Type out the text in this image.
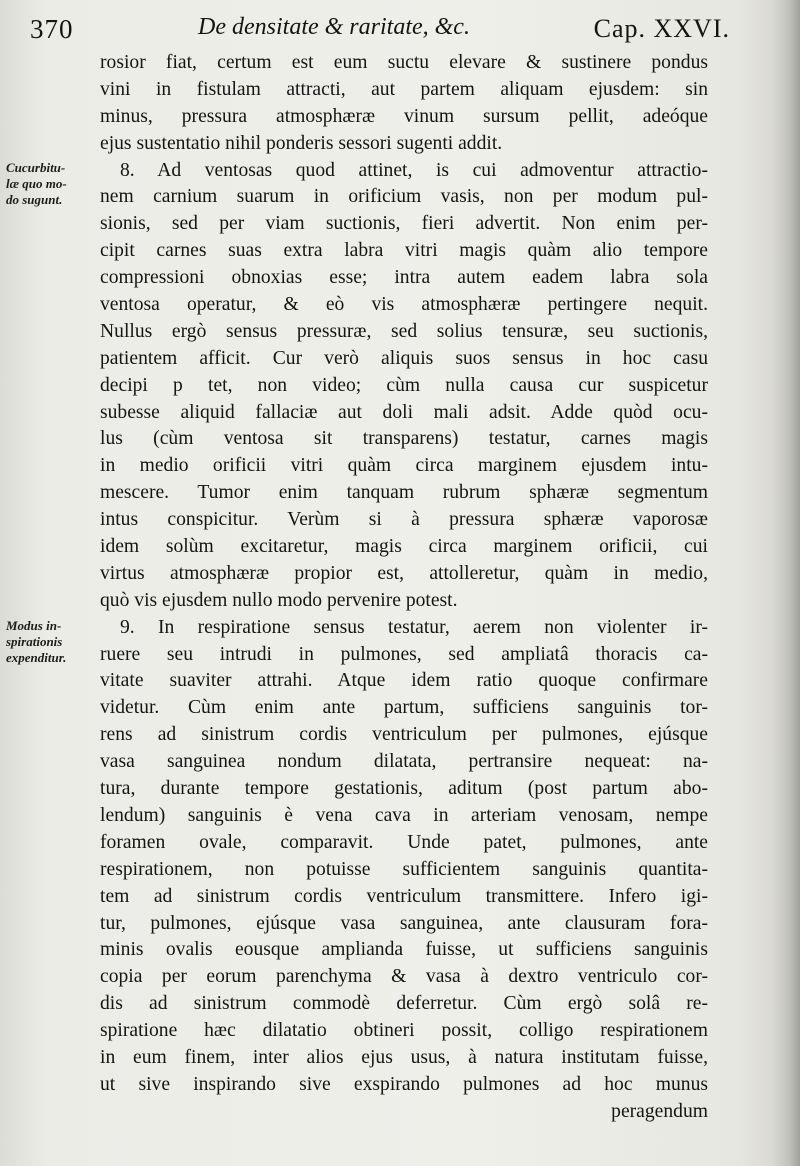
370	De densitate & raritate, &c.	Cap. XXVI.
Cucurbitu-
læ quo mo-
do sugunt.
Modus in-
spirationis
expenditur.
rosior fiat, certum est eum suctu elevare & sustinere pondus
vini in fistulam attracti, aut partem aliquam ejusdem: sin
minus, pressura atmosphæræ vinum sursum pellit, adeóque
ejus sustentatio nihil ponderis sessori sugenti addit.
8. Ad ventosas quod attinet, is cui admoventur attractio-
nem carnium suarum in orificium vasis, non per modum pul-
sionis, sed per viam suctionis, fieri advertit. Non enim per-
cipit carnes suas extra labra vitri magis quàm alio tempore
compressioni obnoxias esse; intra autem eadem labra sola
ventosa operatur, & eò vis atmosphæræ pertingere nequit.
Nullus ergò sensus pressuræ, sed solius tensuræ, seu suctionis,
patientem afficit. Cur verò aliquis suos sensus in hoc casu
decipi p tet, non video; cùm nulla causa cur suspicetur
subesse aliquid fallaciæ aut doli mali adsit. Adde quòd ocu-
lus (cùm ventosa sit transparens) testatur, carnes magis
in medio orificii vitri quàm circa marginem ejusdem intu-
mescere. Tumor enim tanquam rubrum sphæræ segmentum
intus conspicitur. Verùm si à pressura sphæræ vaporosæ
idem solùm excitaretur, magis circa marginem orificii, cui
virtus atmosphæræ propior est, attolleretur, quàm in medio,
quò vis ejusdem nullo modo pervenire potest.
9. In respiratione sensus testatur, aerem non violenter ir-
ruere seu intrudi in pulmones, sed ampliatâ thoracis ca-
vitate suaviter attrahi. Atque idem ratio quoque confirmare
videtur. Cùm enim ante partum, sufficiens sanguinis tor-
rens ad sinistrum cordis ventriculum per pulmones, ejúsque
vasa sanguinea nondum dilatata, pertransire nequeat: na-
tura, durante tempore gestationis, aditum (post partum abo-
lendum) sanguinis è vena cava in arteriam venosam, nempe
foramen ovale, comparavit. Unde patet, pulmones, ante
respirationem, non potuisse sufficientem sanguinis quantita-
tem ad sinistrum cordis ventriculum transmittere. Infero igi-
tur, pulmones, ejúsque vasa sanguinea, ante clausuram fora-
minis ovalis eousque amplianda fuisse, ut sufficiens sanguinis
copia per eorum parenchyma & vasa à dextro ventriculo cor-
dis ad sinistrum commodè deferretur. Cùm ergò solâ re-
spiratione hæc dilatatio obtineri possit, colligo respirationem
in eum finem, inter alios ejus usus, à natura institutam fuisse,
ut sive inspirando sive exspirando pulmones ad hoc munus
peragendum
